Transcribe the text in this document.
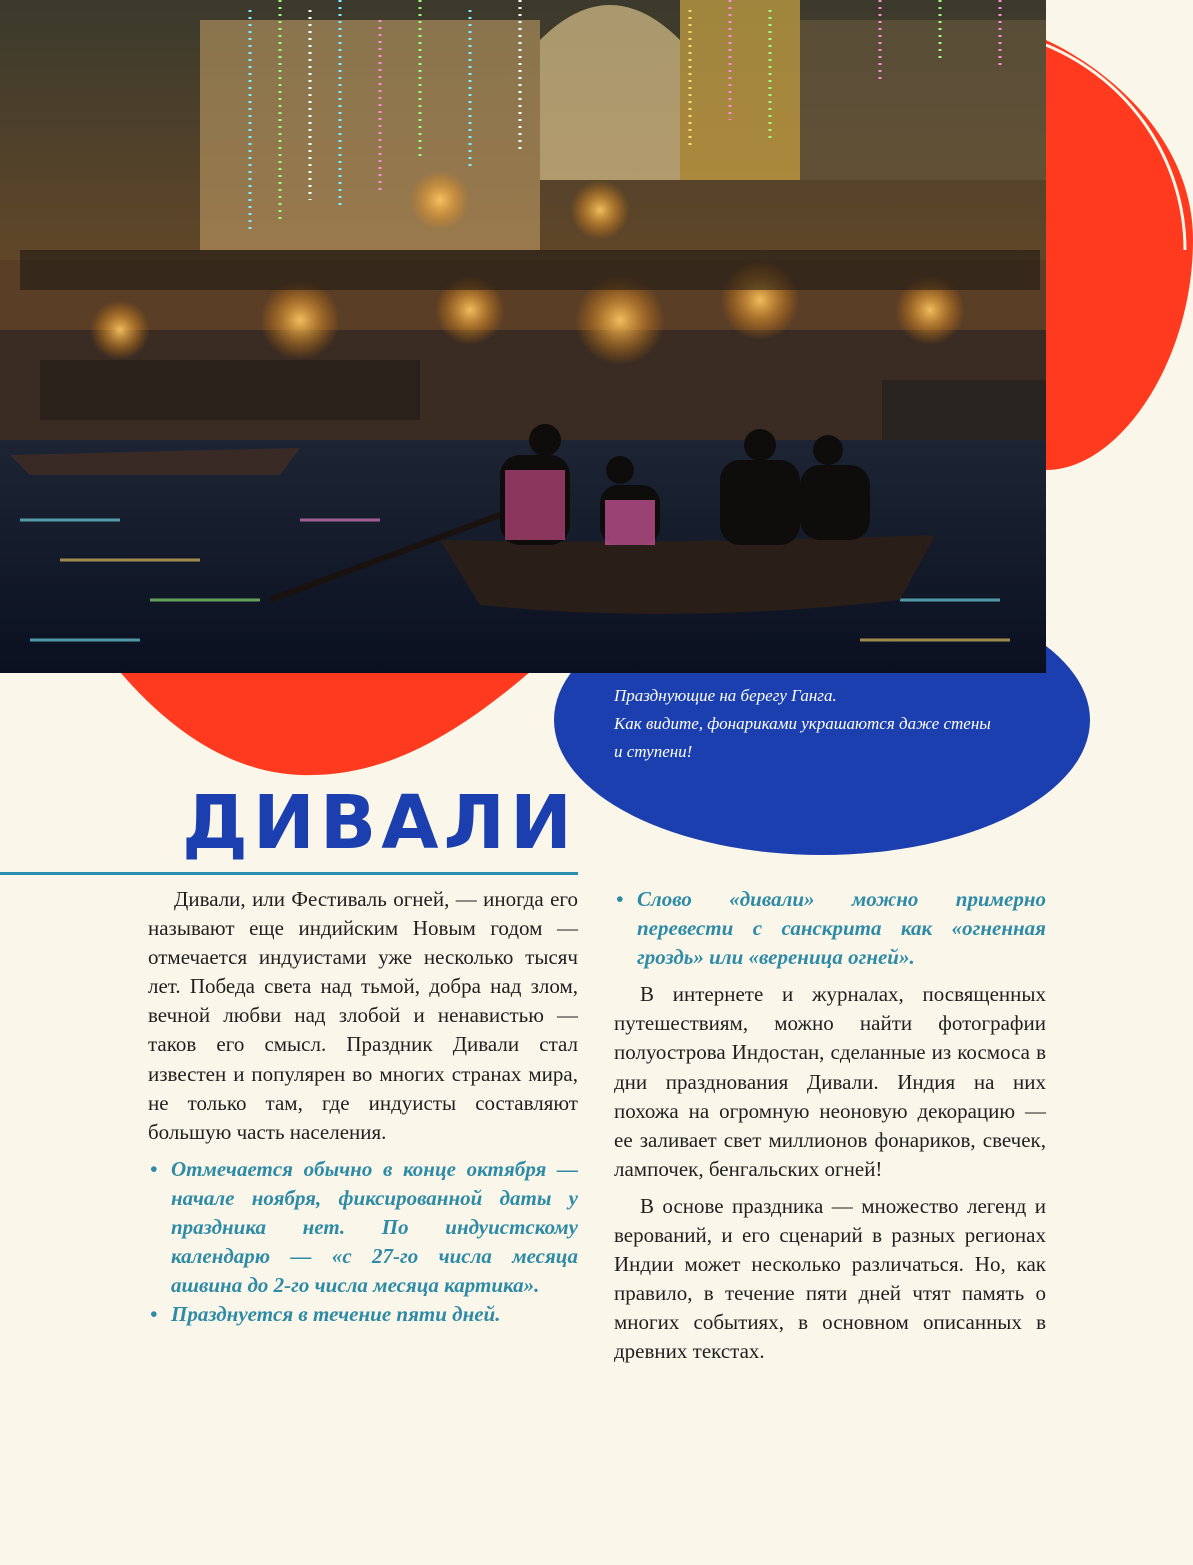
Празднующие на берегу Ганга.
Как видите, фонариками украшаются даже стены
и ступени!
ДИВАЛИ

Дивали, или Фестиваль огней, — иногда его называют еще индийским Новым годом — отмечается индуистами уже несколько тысяч лет. Победа света над тьмой, добра над злом, вечной любви над злобой и ненавистью — таков его смысл. Праздник Дивали стал известен и популярен во многих странах мира, не только там, где индуисты составляют большую часть населения.

• Отмечается обычно в конце октября — начале ноября, фиксированной даты у праздника нет. По индуистскому календарю — «с 27-го числа месяца ашвина до 2-го числа месяца картика».

• Празднуется в течение пяти дней.

• Слово «дивали» можно примерно перевести с санскрита как «огненная гроздь» или «вереница огней».

В интернете и журналах, посвященных путешествиям, можно найти фотографии полуострова Индостан, сделанные из космоса в дни празднования Дивали. Индия на них похожа на огромную неоновую декорацию — ее заливает свет миллионов фонариков, свечек, лампочек, бенгальских огней!

В основе праздника — множество легенд и верований, и его сценарий в разных регионах Индии может несколько различаться. Но, как правило, в течение пяти дней чтят память о многих событиях, в основном описанных в древних текстах.
